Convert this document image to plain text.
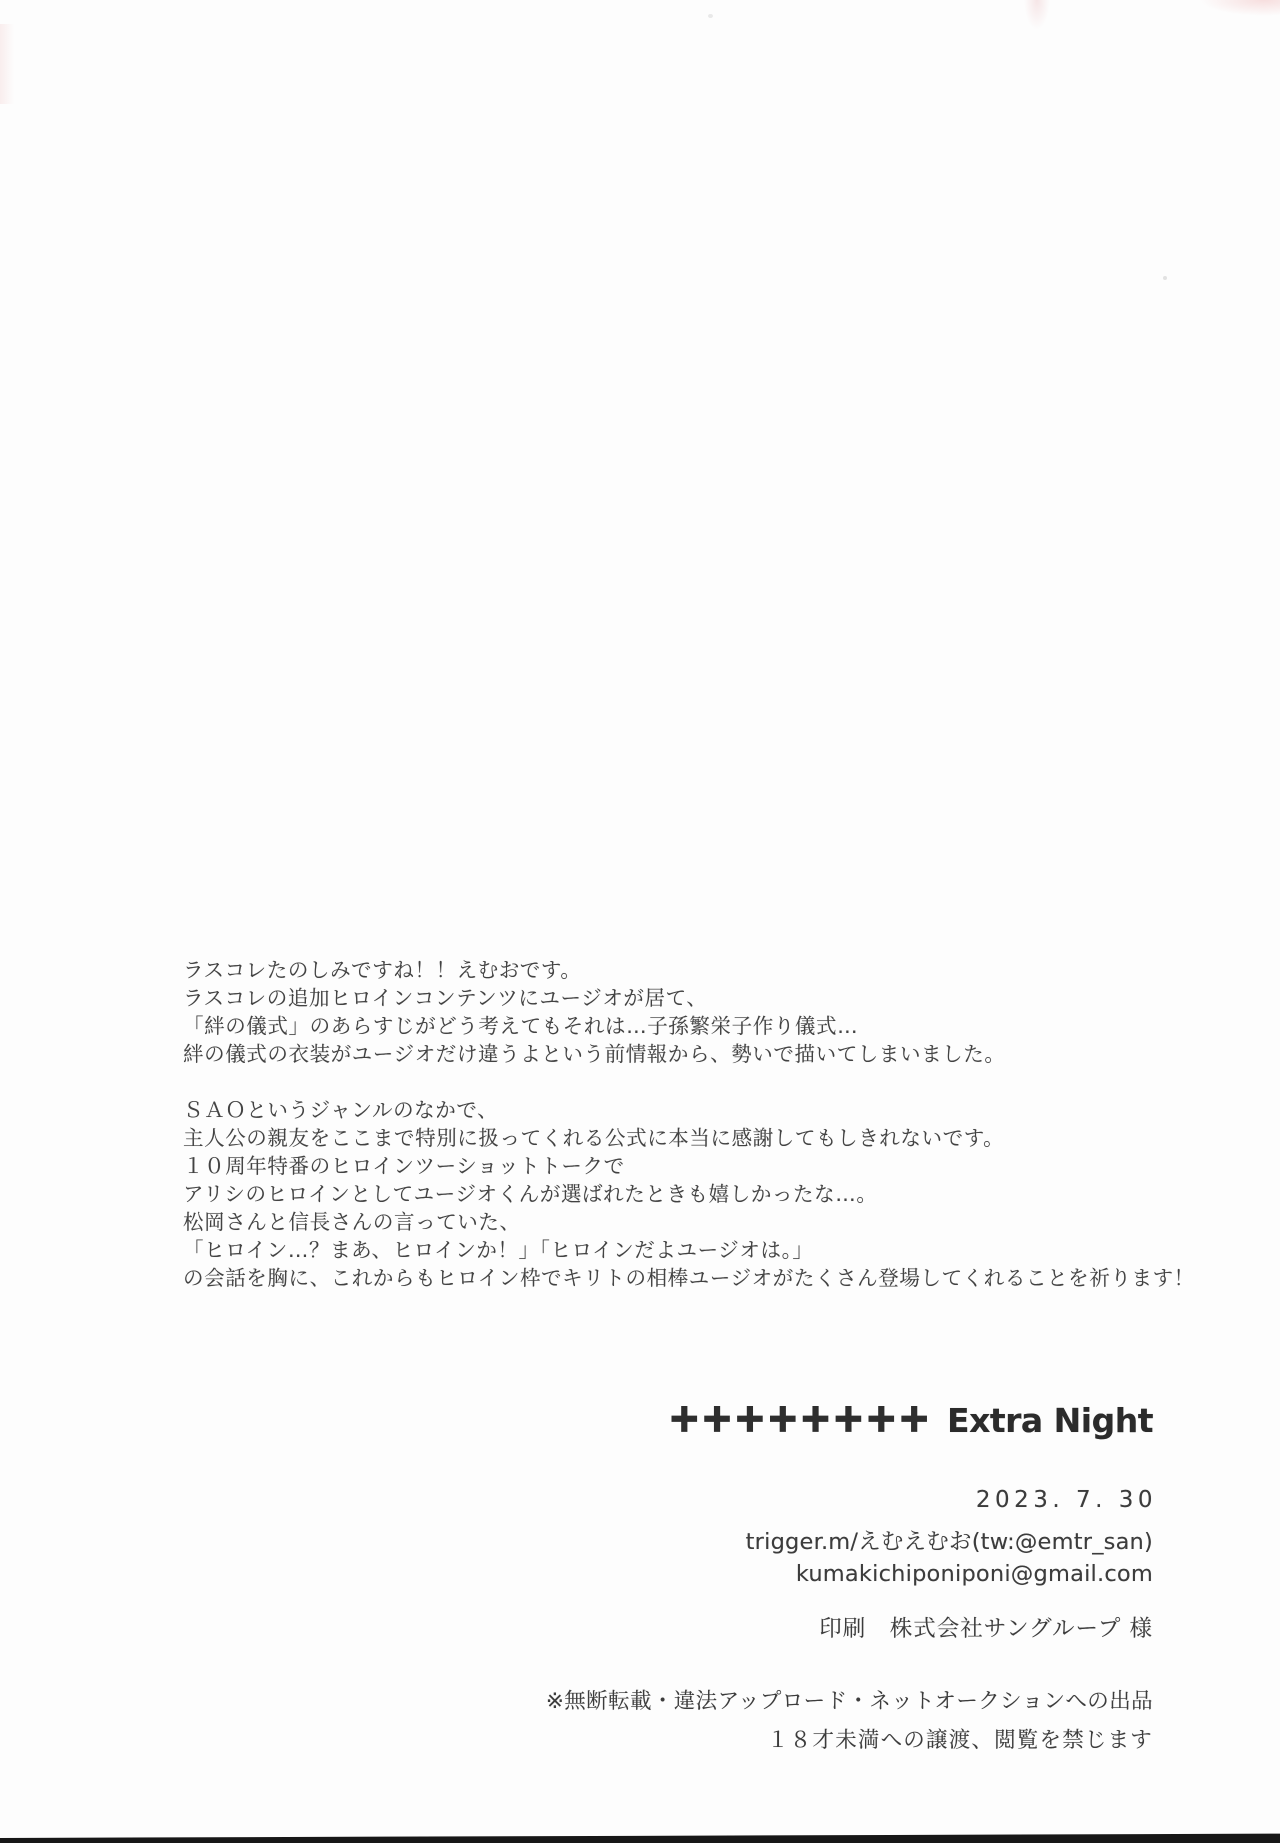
ラスコレたのしみですね！！えむおです。
ラスコレの追加ヒロインコンテンツにユージオが居て、
「絆の儀式」のあらすじがどう考えてもそれは…子孫繁栄子作り儀式…
絆の儀式の衣装がユージオだけ違うよという前情報から、勢いで描いてしまいました。
ＳＡＯというジャンルのなかで、
主人公の親友をここまで特別に扱ってくれる公式に本当に感謝してもしきれないです。
１０周年特番のヒロインツーショットトークで
アリシのヒロインとしてユージオくんが選ばれたときも嬉しかったな…。
松岡さんと信長さんの言っていた、
「ヒロイン…？まあ、ヒロインか！」「ヒロインだよユージオは。」
の会話を胸に、これからもヒロイン枠でキリトの相棒ユージオがたくさん登場してくれることを祈ります！
++++++++ Extra Night
2023. 7. 30
trigger.m/えむえむお(tw:@emtr_san)
kumakichiponiponi@gmail.com
印刷　株式会社サングループ 様
※無断転載・違法アップロード・ネットオークションへの出品
１８才未満への譲渡、閲覧を禁じます
